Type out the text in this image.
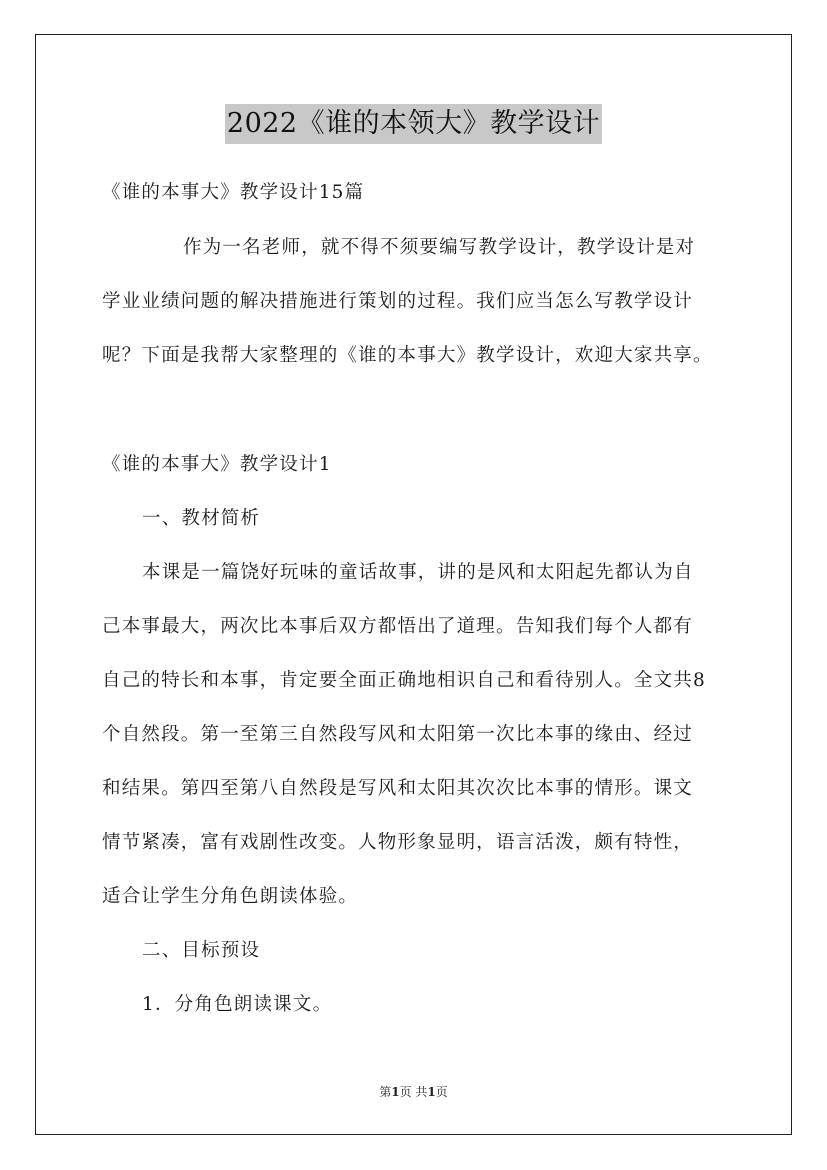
2022《谁的本领大》教学设计
《谁的本事大》教学设计15篇
作为一名老师，就不得不须要编写教学设计，教学设计是对
学业业绩问题的解决措施进行策划的过程。我们应当怎么写教学设计
呢？下面是我帮大家整理的《谁的本事大》教学设计，欢迎大家共享。
《谁的本事大》教学设计1
一、教材简析
本课是一篇饶好玩味的童话故事，讲的是风和太阳起先都认为自
己本事最大，两次比本事后双方都悟出了道理。告知我们每个人都有
自己的特长和本事，肯定要全面正确地相识自己和看待别人。全文共8
个自然段。第一至第三自然段写风和太阳第一次比本事的缘由、经过
和结果。第四至第八自然段是写风和太阳其次次比本事的情形。课文
情节紧凑，富有戏剧性改变。人物形象显明，语言活泼，颇有特性，
适合让学生分角色朗读体验。
二、目标预设
1．分角色朗读课文。
第1页 共1页
